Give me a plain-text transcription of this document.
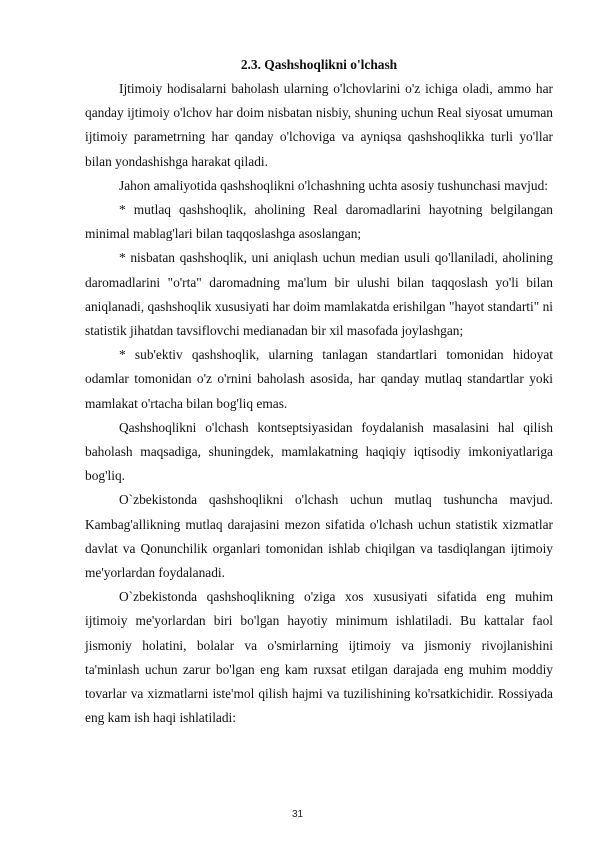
2.3. Qashshoqlikni o'lchash

Ijtimoiy hodisalarni baholash ularning o'lchovlarini o'z ichiga oladi, ammo har qanday ijtimoiy o'lchov har doim nisbatan nisbiy, shuning uchun Real siyosat umuman ijtimoiy parametrning har qanday o'lchoviga va ayniqsa qashshoqlikka turli yo'llar bilan yondashishga harakat qiladi.

Jahon amaliyotida qashshoqlikni o'lchashning uchta asosiy tushunchasi mavjud:

* mutlaq qashshoqlik, aholining Real daromadlarini hayotning belgilangan minimal mablag'lari bilan taqqoslashga asoslangan;

* nisbatan qashshoqlik, uni aniqlash uchun median usuli qo'llaniladi, aholining daromadlarini "o'rta" daromadning ma'lum bir ulushi bilan taqqoslash yo'li bilan aniqlanadi, qashshoqlik xususiyati har doim mamlakatda erishilgan "hayot standarti" ni statistik jihatdan tavsiflovchi medianadan bir xil masofada joylashgan;

* sub'ektiv qashshoqlik, ularning tanlagan standartlari tomonidan hidoyat odamlar tomonidan o'z o'rnini baholash asosida, har qanday mutlaq standartlar yoki mamlakat o'rtacha bilan bog'liq emas.

Qashshoqlikni o'lchash kontseptsiyasidan foydalanish masalasini hal qilish baholash maqsadiga, shuningdek, mamlakatning haqiqiy iqtisodiy imkoniyatlariga bog'liq.

O`zbekistonda qashshoqlikni o'lchash uchun mutlaq tushuncha mavjud. Kambag'allikning mutlaq darajasini mezon sifatida o'lchash uchun statistik xizmatlar davlat va Qonunchilik organlari tomonidan ishlab chiqilgan va tasdiqlangan ijtimoiy me'yorlardan foydalanadi.

O`zbekistonda qashshoqlikning o'ziga xos xususiyati sifatida eng muhim ijtimoiy me'yorlardan biri bo'lgan hayotiy minimum ishlatiladi. Bu kattalar faol jismoniy holatini, bolalar va o'smirlarning ijtimoiy va jismoniy rivojlanishini ta'minlash uchun zarur bo'lgan eng kam ruxsat etilgan darajada eng muhim moddiy tovarlar va xizmatlarni iste'mol qilish hajmi va tuzilishining ko'rsatkichidir. Rossiyada eng kam ish haqi ishlatiladi:

31
